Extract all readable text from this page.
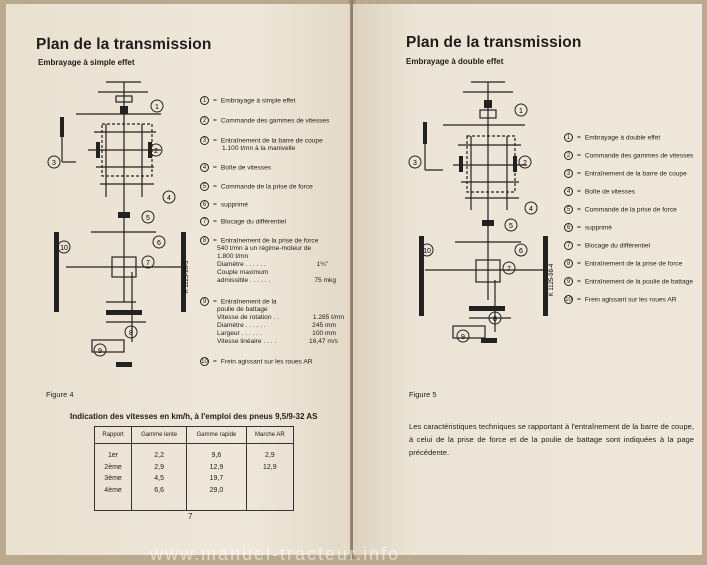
Plan de la transmission
Embrayage à simple effet
1
2
3
4
5
6
7
8
9
10
K 1125-98-5
1 = Embrayage à simple effet
2 = Commande des gammes de vitesses
3 = Entraînement de la barre de coupe
1.100 t/mn à la manivelle
4 = Boîte de vitesses
5 = Commande de la prise de force
6 = supprimé
7 = Blocage du différentiel
8 = Entraînement de la prise de force
540 t/mn à un régime-moteur de
1.800 t/mn
Diamètre . . . . . .	1¾"
Couple maximum
admissible . . . . . .	75 mkg
9 = Entraînement de la
poulie de battage
Vitesse de rotation . .	1.285 t/mn
Diamètre . . . . . .	245 mm
Largeur . . . . . .	100 mm
Vitesse linéaire . . . .	16,47 m/s
10 = Frein agissant sur les roues AR
Figure 4
Indication des vitesses en km/h, à l'emploi des pneus 9,5/9-32 AS
Rapport	Gamme lente	Gamme rapide	Marche AR

1er	2,2	9,6	2,9
2ème	2,9	12,9	12,9
3ème	4,5	19,7	
4ème	6,6	29,0	

7
Plan de la transmission
Embrayage à double effet
1
2
3
4
5
6
7
8
9
10
K 1125-98-4
1 = Embrayage à double effet
2 = Commande des gammes de vitesses
3 = Entraînement de la barre de coupe
4 = Boîte de vitesses
5 = Commande de la prise de force
6 = supprimé
7 = Blocage du différentiel
8 = Entraînement de la prise de force
9 = Entraînement de la poulie de battage
10 = Frein agissant sur les roues AR
Figure 5
Les caractéristiques techniques se rapportant à l'entraînement de la barre de coupe, à celui de la prise de force et de la poulie de battage sont indiquées à la page précédente.
www.manuel-tracteur.info
